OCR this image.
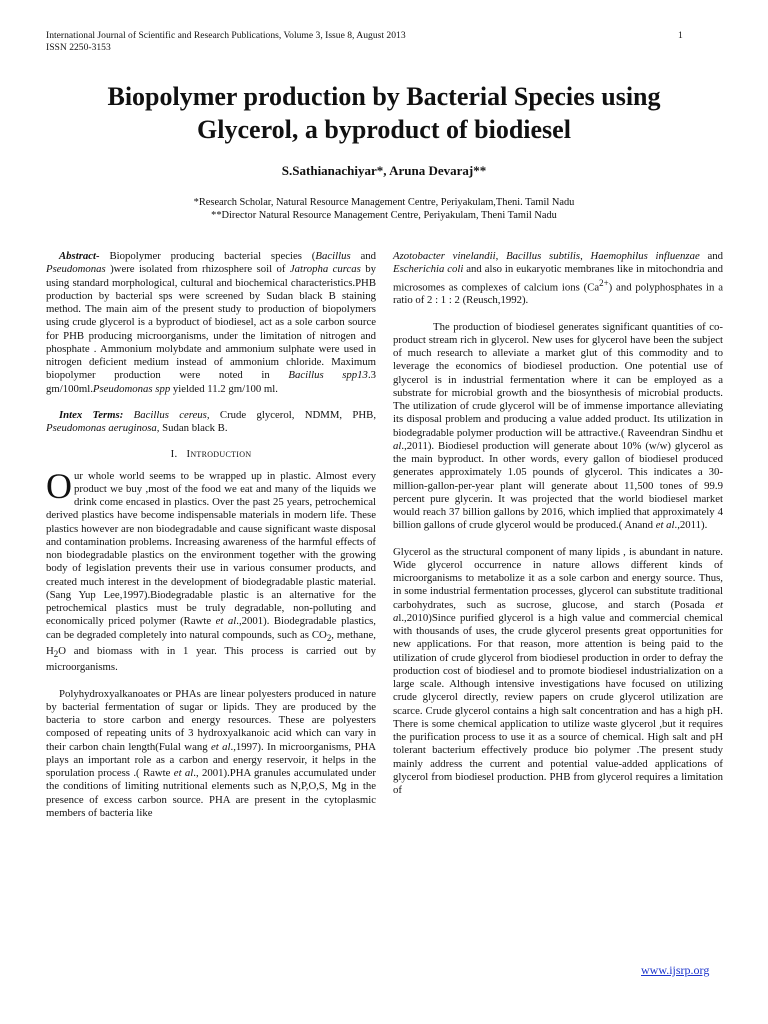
International Journal of Scientific and Research Publications, Volume 3, Issue 8, August 2013
ISSN 2250-3153
1
Biopolymer production by Bacterial Species using
Glycerol, a byproduct of biodiesel
S.Sathianachiyar*, Aruna Devaraj**
*Research Scholar, Natural Resource Management Centre, Periyakulam,Theni. Tamil Nadu
**Director Natural Resource Management Centre, Periyakulam, Theni Tamil Nadu

Abstract- Biopolymer producing bacterial species (Bacillus and Pseudomonas )were isolated from rhizosphere soil of Jatropha curcas by using standard morphological, cultural and biochemical characteristics.PHB production by bacterial sps were screened by Sudan black B staining method. The main aim of the present study to production of biopolymers using crude glycerol is a byproduct of biodiesel, act as a sole carbon source for PHB producing microorganisms, under the limitation of nitrogen and phosphate . Ammonium molybdate and ammonium sulphate were used in nitrogen deficient medium instead of ammonium chloride. Maximum biopolymer production were noted in Bacillus spp13.3 gm/100ml.Pseudomonas spp yielded 11.2 gm/100 ml.

Intex Terms: Bacillus cereus, Crude glycerol, NDMM, PHB, Pseudomonas aeruginosa, Sudan black B.

I. Introduction

Our whole world seems to be wrapped up in plastic. Almost every product we buy ,most of the food we eat and many of the liquids we drink come encased in plastics. Over the past 25 years, petrochemical derived plastics have become indispensable materials in modern life. These plastics however are non biodegradable and cause significant waste disposal and contamination problems. Increasing awareness of the harmful effects of non biodegradable plastics on the environment together with the growing body of legislation prevents their use in various consumer products, and created much interest in the development of biodegradable plastic material.(Sang Yup Lee,1997).Biodegradable plastic is an alternative for the petrochemical plastics must be truly degradable, non-polluting and economically priced polymer (Rawte et al.,2001). Biodegradable plastics, can be degraded completely into natural compounds, such as $CO_2$, methane, $H_2O$ and biomass with in 1 year. This process is carried out by microorganisms.

Polyhydroxyalkanoates or PHAs are linear polyesters produced in nature by bacterial fermentation of sugar or lipids. They are produced by the bacteria to store carbon and energy resources. These are polyesters composed of repeating units of 3 hydroxyalkanoic acid which can vary in their carbon chain length(Fulal wang et al.,1997). In microorganisms, PHA plays an important role as a carbon and energy reservoir, it helps in the sporulation process .( Rawte et al., 2001).PHA granules accumulated under the conditions of limiting nutritional elements such as N,P,O,S, Mg in the presence of excess carbon source. PHA are present in the cytoplasmic members of bacteria like

Azotobacter vinelandii, Bacillus subtilis, Haemophilus influenzae and Escherichia coli and also in eukaryotic membranes like in mitochondria and microsomes as complexes of calcium ions $(Ca^{2+})$ and polyphosphates in a ratio of 2 : 1 : 2 (Reusch,1992).

The production of biodiesel generates significant quantities of co-product stream rich in glycerol. New uses for glycerol have been the subject of much research to alleviate a market glut of this commodity and to leverage the economics of biodiesel production. One potential use of glycerol is in industrial fermentation where it can be employed as a substrate for microbial growth and the biosynthesis of microbial products. The utilization of crude glycerol will be of immense importance alleviating its disposal problem and producing a value added product. Its utilization in biodegradable polymer production will be attractive.( Raveendran Sindhu et al.,2011). Biodiesel production will generate about 10% (w/w) glycerol as the main byproduct. In other words, every gallon of biodiesel produced generates approximately 1.05 pounds of glycerol. This indicates a 30-million-gallon-per-year plant will generate about 11,500 tones of 99.9 percent pure glycerin. It was projected that the world biodiesel market would reach 37 billion gallons by 2016, which implied that approximately 4 billion gallons of crude glycerol would be produced.( Anand et al.,2011).

Glycerol as the structural component of many lipids , is abundant in nature. Wide glycerol occurrence in nature allows different kinds of microorganisms to metabolize it as a sole carbon and energy source. Thus, in some industrial fermentation processes, glycerol can substitute traditional carbohydrates, such as sucrose, glucose, and starch (Posada et al.,2010)Since purified glycerol is a high value and commercial chemical with thousands of uses, the crude glycerol presents great opportunities for new applications. For that reason, more attention is being paid to the utilization of crude glycerol from biodiesel production in order to defray the production cost of biodiesel and to promote biodiesel industrialization on a large scale. Although intensive investigations have focused on utilizing crude glycerol directly, review papers on crude glycerol utilization are scarce. Crude glycerol contains a high salt concentration and has a high pH. There is some chemical application to utilize waste glycerol ,but it requires the purification process to use it as a source of chemical. High salt and pH tolerant bacterium effectively produce bio polymer .The present study mainly address the current and potential value-added applications of glycerol from biodiesel production. PHB from glycerol requires a limitation of

www.ijsrp.org
